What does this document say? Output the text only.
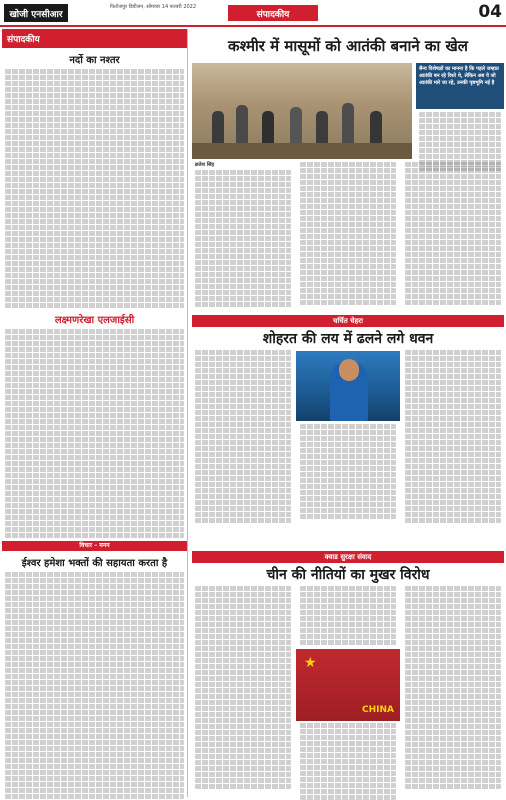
खोजी एनसीआर
फिरोजपुर डिवीजन, सोमवार 14 फरवरी 2022
संपादकीय	04
संपादकीय
नर्दो का नश्तर
लक्ष्मणरेखा एलजाईसी
विचार – मनन
ईश्वर हमेशा भक्तों की सहायता करता है
कश्मीर में मासूमों को आतंकी बनाने का खेल
सैन्य विशेषज्ञों का मानना है कि पहले जम्हात आतंकी बन रहे रिश्ते थे, लेकिन अब ये जो आतंकी मारे जा रहे, उनकी पृष्ठभूमि नई है
ब्रजेश सिंह
चर्चित चेहरा
शोहरत की लय में ढलने लगे धवन
क्वाड सुरक्षा संवाद
चीन की नीतियों का मुखर विरोध
★
CHINA
